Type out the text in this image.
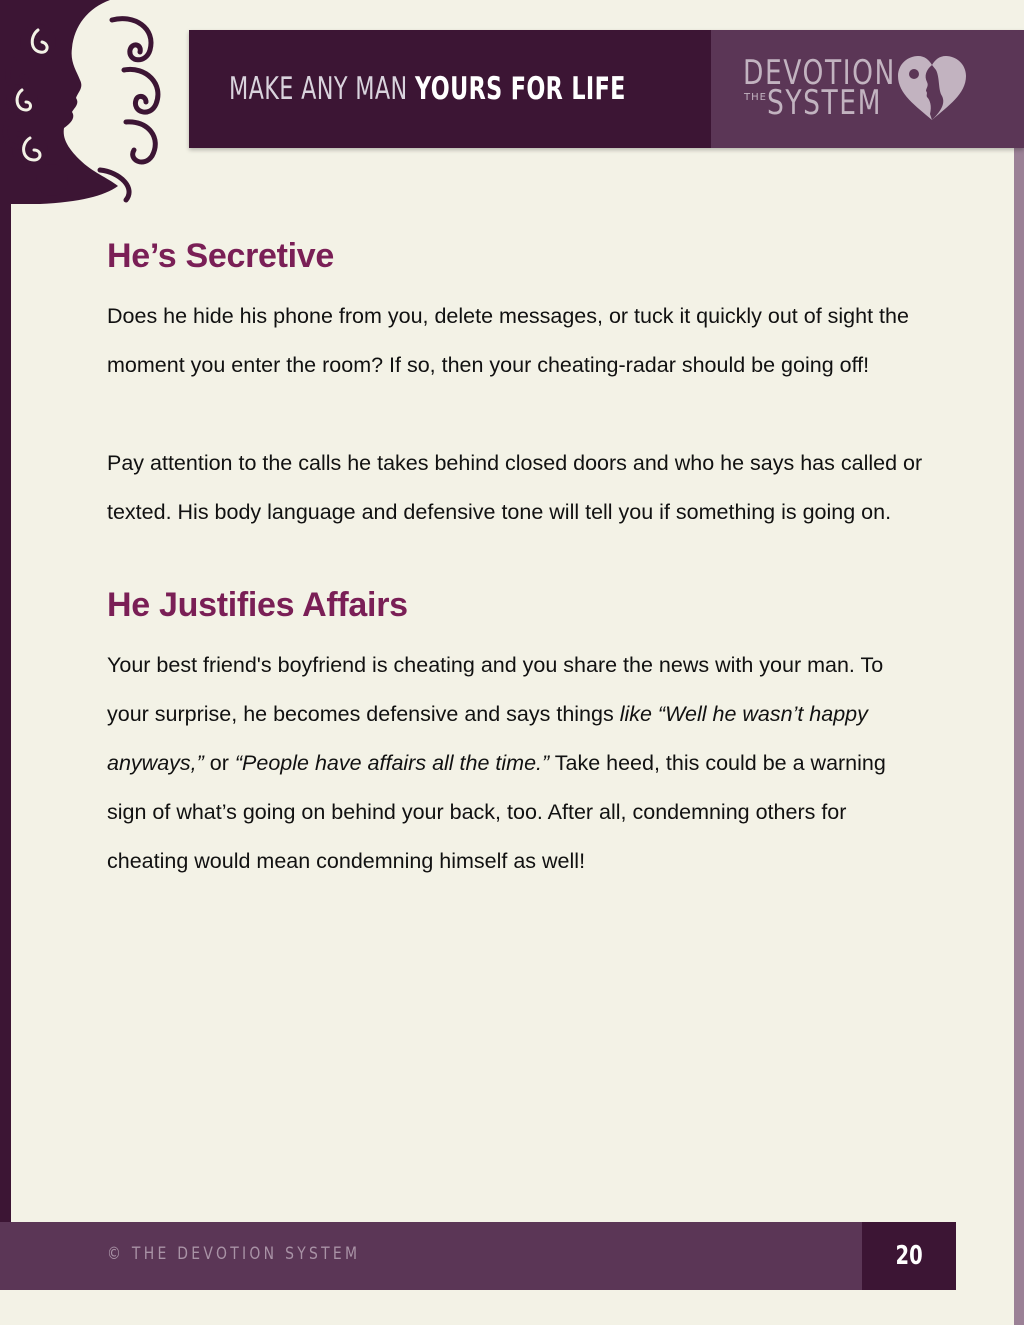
MAKE ANY MAN YOURS FOR LIFE	DEVOTION
THE SYSTEM
He’s Secretive

Does he hide his phone from you, delete messages, or tuck it quickly out of sight the moment you enter the room? If so, then your cheating-radar should be going off!

Pay attention to the calls he takes behind closed doors and who he says has called or texted. His body language and defensive tone will tell you if something is going on.

He Justifies Affairs

Your best friend's boyfriend is cheating and you share the news with your man. To your surprise, he becomes defensive and says things like “Well he wasn’t happy anyways,” or “People have affairs all the time.” Take heed, this could be a warning sign of what’s going on behind your back, too. After all, condemning others for cheating would mean condemning himself as well!

© THE DEVOTION SYSTEM	20
